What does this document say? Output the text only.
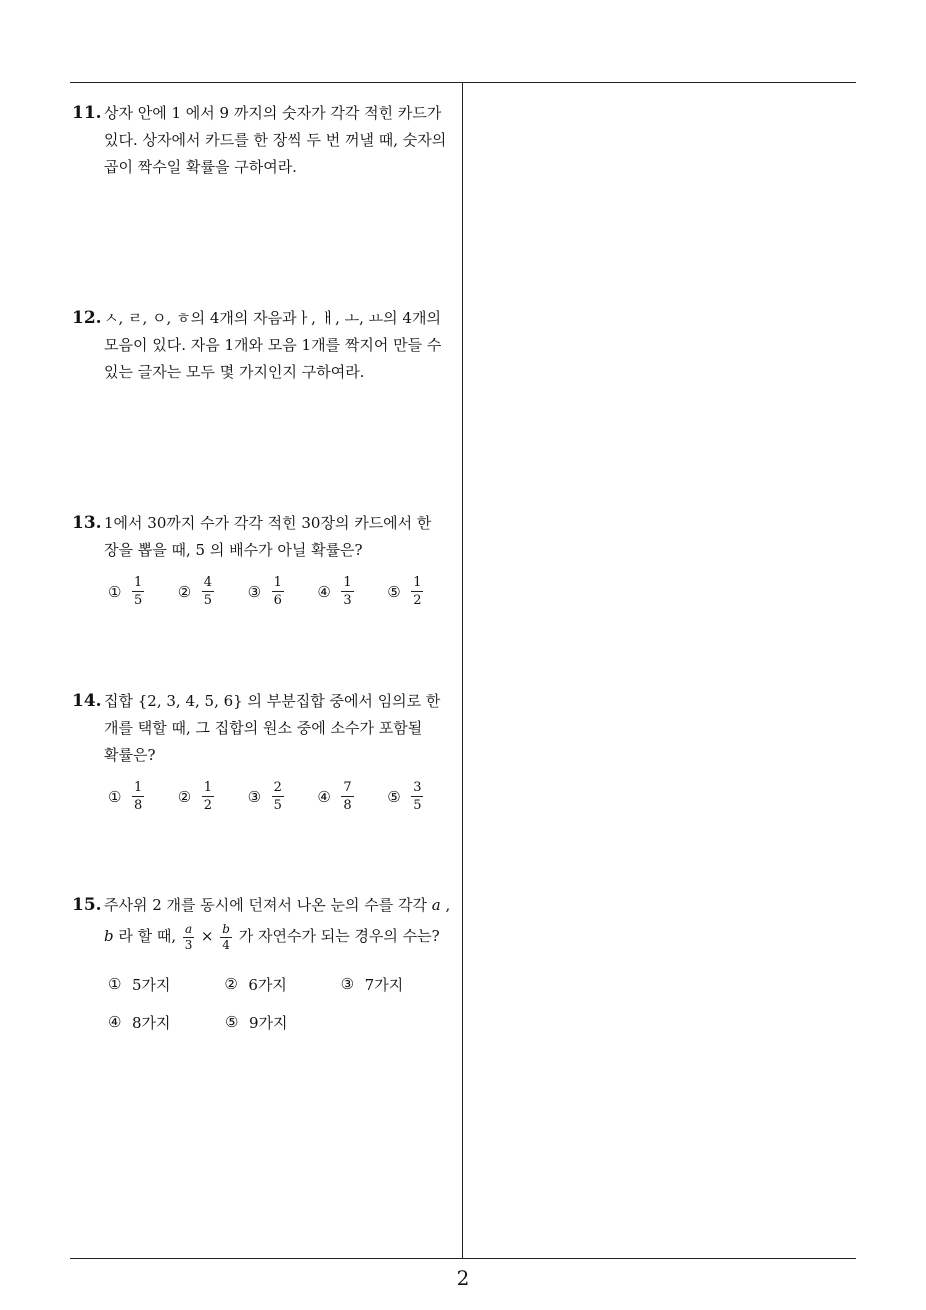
11. 상자 안에 1 에서 9 까지의 숫자가 각각 적힌 카드가
있다. 상자에서 카드를 한 장씩 두 번 꺼낼 때, 숫자의
곱이 짝수일 확률을 구하여라.
12. ㅅ, ㄹ, ㅇ, ㅎ의 4개의 자음과ㅏ, ㅐ, ㅗ, ㅛ의 4개의
모음이 있다. 자음 1개와 모음 1개를 짝지어 만들 수
있는 글자는 모두 몇 가지인지 구하여라.
13. 1에서 30까지 수가 각각 적힌 30장의 카드에서 한
장을 뽑을 때, 5 의 배수가 아닐 확률은?
① $\frac{1}{5}$ ② $\frac{4}{5}$ ③ $\frac{1}{6}$ ④ $\frac{1}{3}$ ⑤ $\frac{1}{2}$
14. 집합 {2, 3, 4, 5, 6} 의 부분집합 중에서 임의로 한
개를 택할 때, 그 집합의 원소 중에 소수가 포함될
확률은?
① $\frac{1}{8}$ ② $\frac{1}{2}$ ③ $\frac{2}{5}$ ④ $\frac{7}{8}$ ⑤ $\frac{3}{5}$
15. 주사위 2 개를 동시에 던져서 나온 눈의 수를 각각 a ,
b 라 할 때, $\frac{a}{3} \times \frac{b}{4}$ 가 자연수가 되는 경우의 수는?
① 5가지	② 6가지	③ 7가지
④ 8가지	⑤ 9가지
2
